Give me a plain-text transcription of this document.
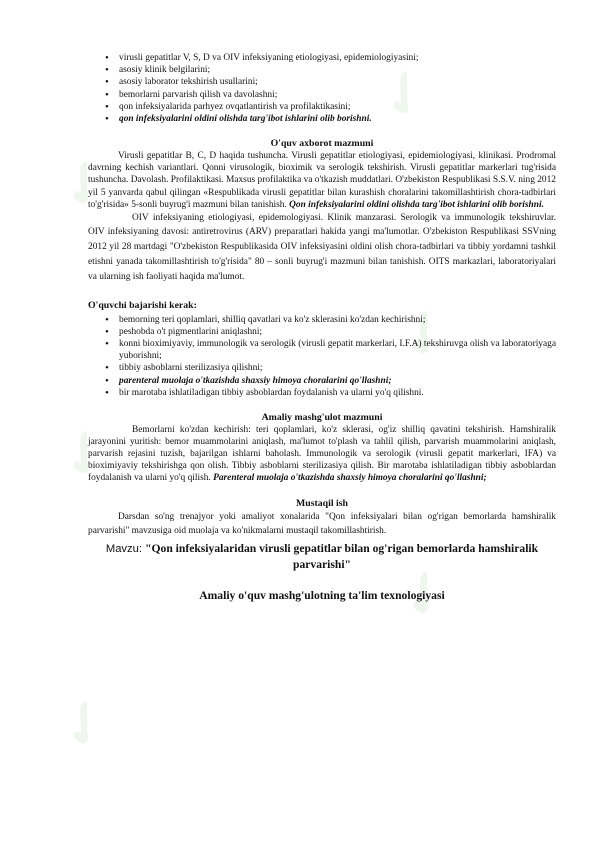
✓
✓
✓
✓
✓
✓
• virusli gepatitlar V, S, D va OIV infeksiyaning etiologiyasi, epidemiologiyasini;
• asosiy klinik belgilarini;
• asosiy laborator tekshirish usullarini;
• bemorlarni parvarish qilish va davolashni;
• qon infeksiyalarida parhyez ovqatlantirish va profilaktikasini;
• qon infeksiyalarini oldini olishda targ'ibot ishlarini olib borishni.
O'quv axborot mazmuni

Virusli gepatitlar B, C, D haqida tushuncha. Virusli gepatitlar etiologiyasi, epidemiologiyasi, klinikasi. Prodromal davrning kechish variantlari. Qonni virusologik, bioximik va serologik tekshirish. Virusli gepatitlar markerlari tug'risida tushuncha. Davolash. Profilaktikasi. Maxsus profilaktika va o'tkazish muddatlari. O'zbekiston Respublikasi S.S.V. ning 2012 yil 5 yanvarda qabul qilingan «Respublikada virusli gepatitlar bilan kurashish choralarini takomillashtirish chora-tadbirlari to'g'risida» 5-sonli buyrug'i mazmuni bilan tanishish. Qon infeksiyalarini oldini olishda targ'ibot ishlarini olib borishni.

OIV infeksiyaning etiologiyasi, epidemologiyasi. Klinik manzarasi. Serologik va immunologik tekshiruvlar. OIV infeksiyaning davosi: antiretrovirus (ARV) preparatlari hakida yangi ma'lumotlar. O'zbekiston Respublikasi SSVning 2012 yil 28 martdagi "O'zbekiston Respublikasida OIV infeksiyasini oldini olish chora-tadbirlari va tibbiy yordamni tashkil etishni yanada takomillashtirish to'g'risida" 80 – sonli buyrug'i mazmuni bilan tanishish. OITS markazlari, laboratoriyalari va ularning ish faoliyati haqida ma'lumot.

O'quvchi bajarishi kerak:
• bemorning teri qoplamlari, shilliq qavatlari va ko'z sklerasini ko'zdan kechirishni;
• peshobda o't pigmentlarini aniqlashni;
• konni bioximiyaviy, immunologik va serologik (virusli gepatit markerlari, I.F.A) tekshiruvga olish va laboratoriyaga yuborishni;
• tibbiy asboblarni sterilizasiya qilishni;
• parenteral muolaja o'tkazishda shaxsiy himoya choralarini qo'llashni;
• bir marotaba ishlatiladigan tibbiy asboblardan foydalanish va ularni yo'q qilishni.
Amaliy mashg'ulot mazmuni

Bemorlarni ko'zdan kechirish: teri qoplamlari, ko'z sklerasi, og'iz shilliq qavatini tekshirish. Hamshiralik jarayonini yuritish: bemor muammolarini aniqlash, ma'lumot to'plash va tahlil qilish, parvarish muammolarini aniqlash, parvarish rejasini tuzish, bajarilgan ishlarni baholash. Immunologik va serologik (virusli gepatit markerlari, IFA) va bioximiyaviy tekshirishga qon olish. Tibbiy asboblarni sterilizasiya qilish. Bir marotaba ishlatiladigan tibbiy asboblardan foydalanish va ularni yo'q qilish. Parenteral muolaja o'tkazishda shaxsiy himoya choralarini qo'llashni;

Mustaqil ish

Darsdan so'ng trenajyor yoki amaliyot xonalarida "Qon infeksiyalari bilan og'rigan bemorlarda hamshiralik parvarishi" mavzusiga oid muolaja va ko'nikmalarni mustaqil takomillashtirish.

Mavzu: "Qon infeksiyalaridan virusli gepatitlar bilan og'rigan bemorlarda hamshiralik parvarishi"
Amaliy o'quv mashg'ulotning ta'lim texnologiyasi
